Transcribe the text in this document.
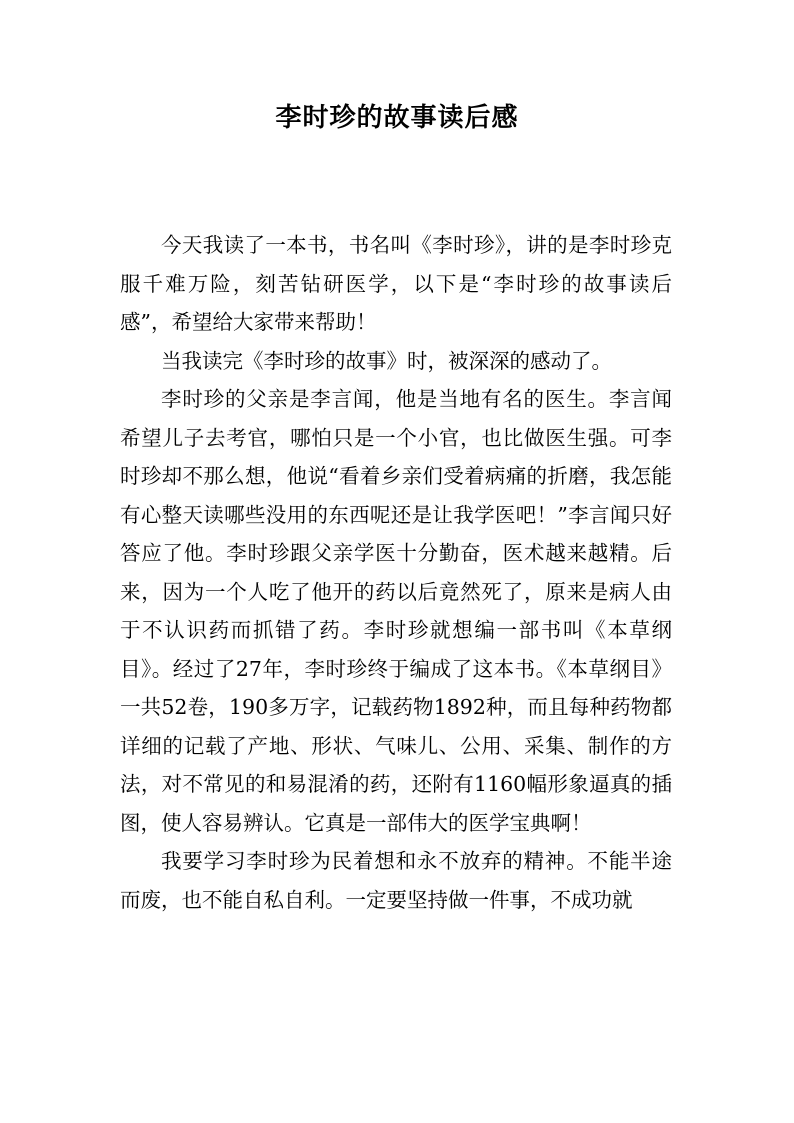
李时珍的故事读后感

今天我读了一本书，书名叫《李时珍》，讲的是李时珍克服千难万险，刻苦钻研医学，以下是“李时珍的故事读后感”，希望给大家带来帮助！

当我读完《李时珍的故事》时，被深深的感动了。

李时珍的父亲是李言闻，他是当地有名的医生。李言闻希望儿子去考官，哪怕只是一个小官，也比做医生强。可李时珍却不那么想，他说“看着乡亲们受着病痛的折磨，我怎能有心整天读哪些没用的东西呢还是让我学医吧！”李言闻只好答应了他。李时珍跟父亲学医十分勤奋，医术越来越精。后来，因为一个人吃了他开的药以后竟然死了，原来是病人由于不认识药而抓错了药。李时珍就想编一部书叫《本草纲目》。经过了27年，李时珍终于编成了这本书。《本草纲目》一共52卷，190多万字，记载药物1892种，而且每种药物都详细的记载了产地、形状、气味儿、公用、采集、制作的方法，对不常见的和易混淆的药，还附有1160幅形象逼真的插图，使人容易辨认。它真是一部伟大的医学宝典啊！

我要学习李时珍为民着想和永不放弃的精神。不能半途而废，也不能自私自利。一定要坚持做一件事，不成功就
